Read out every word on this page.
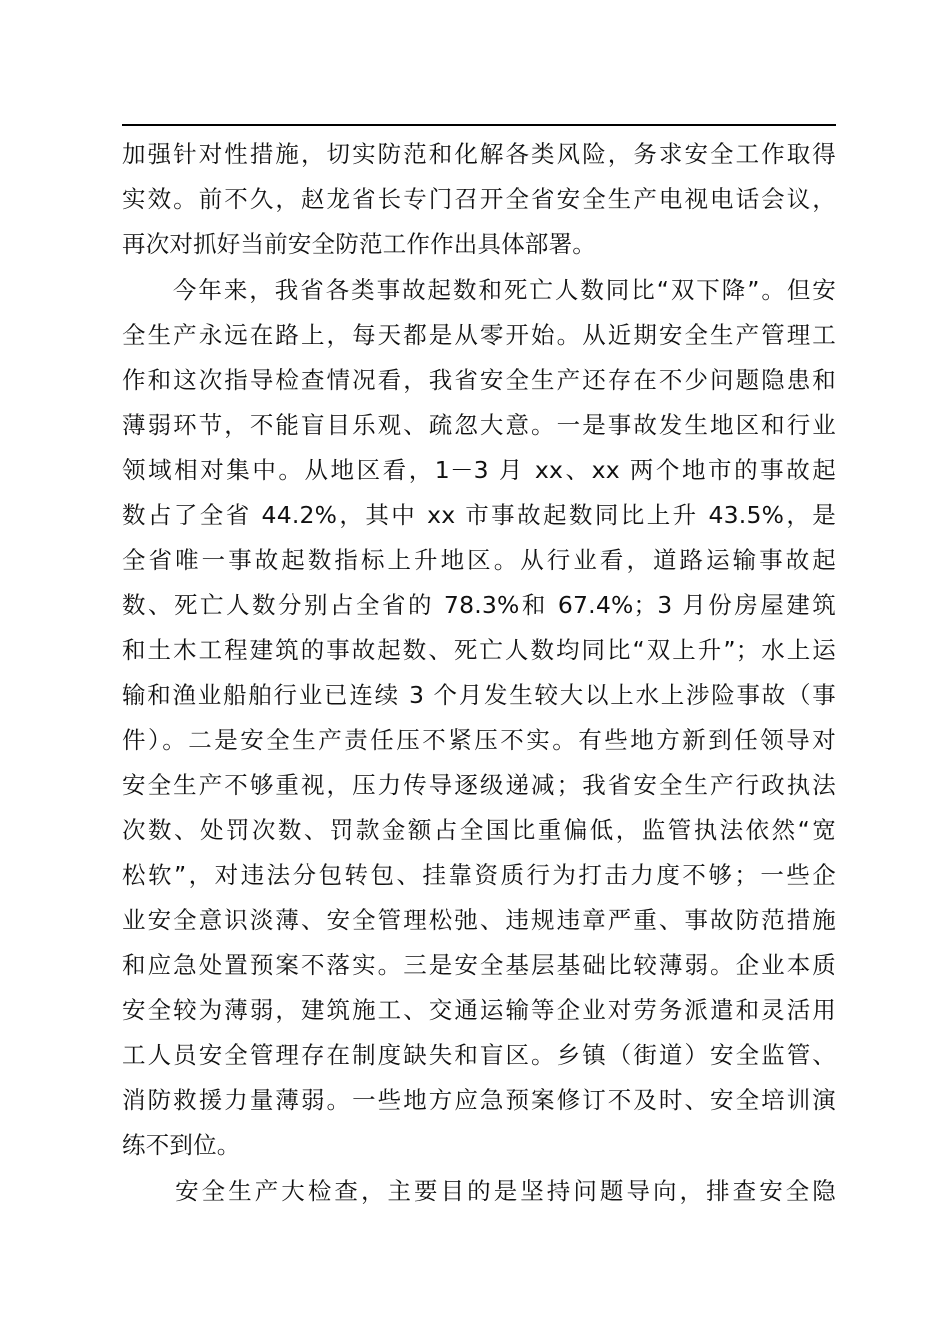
加强针对性措施，切实防范和化解各类风险，务求安全工作取得
实效。前不久，赵龙省长专门召开全省安全生产电视电话会议，
再次对抓好当前安全防范工作作出具体部署。
　　今年来，我省各类事故起数和死亡人数同比“双下降”。但安
全生产永远在路上，每天都是从零开始。从近期安全生产管理工
作和这次指导检查情况看，我省安全生产还存在不少问题隐患和
薄弱环节，不能盲目乐观、疏忽大意。一是事故发生地区和行业
领域相对集中。从地区看，1－3 月 xx、xx 两个地市的事故起
数占了全省 44.2%，其中 xx 市事故起数同比上升 43.5%，是
全省唯一事故起数指标上升地区。从行业看，道路运输事故起
数、死亡人数分别占全省的 78.3%和 67.4%；3 月份房屋建筑
和土木工程建筑的事故起数、死亡人数均同比“双上升”；水上运
输和渔业船舶行业已连续 3 个月发生较大以上水上涉险事故（事
件）。二是安全生产责任压不紧压不实。有些地方新到任领导对
安全生产不够重视，压力传导逐级递减；我省安全生产行政执法
次数、处罚次数、罚款金额占全国比重偏低，监管执法依然“宽
松软”，对违法分包转包、挂靠资质行为打击力度不够；一些企
业安全意识淡薄、安全管理松弛、违规违章严重、事故防范措施
和应急处置预案不落实。三是安全基层基础比较薄弱。企业本质
安全较为薄弱，建筑施工、交通运输等企业对劳务派遣和灵活用
工人员安全管理存在制度缺失和盲区。乡镇（街道）安全监管、
消防救援力量薄弱。一些地方应急预案修订不及时、安全培训演
练不到位。
　　安全生产大检查，主要目的是坚持问题导向，排查安全隐
